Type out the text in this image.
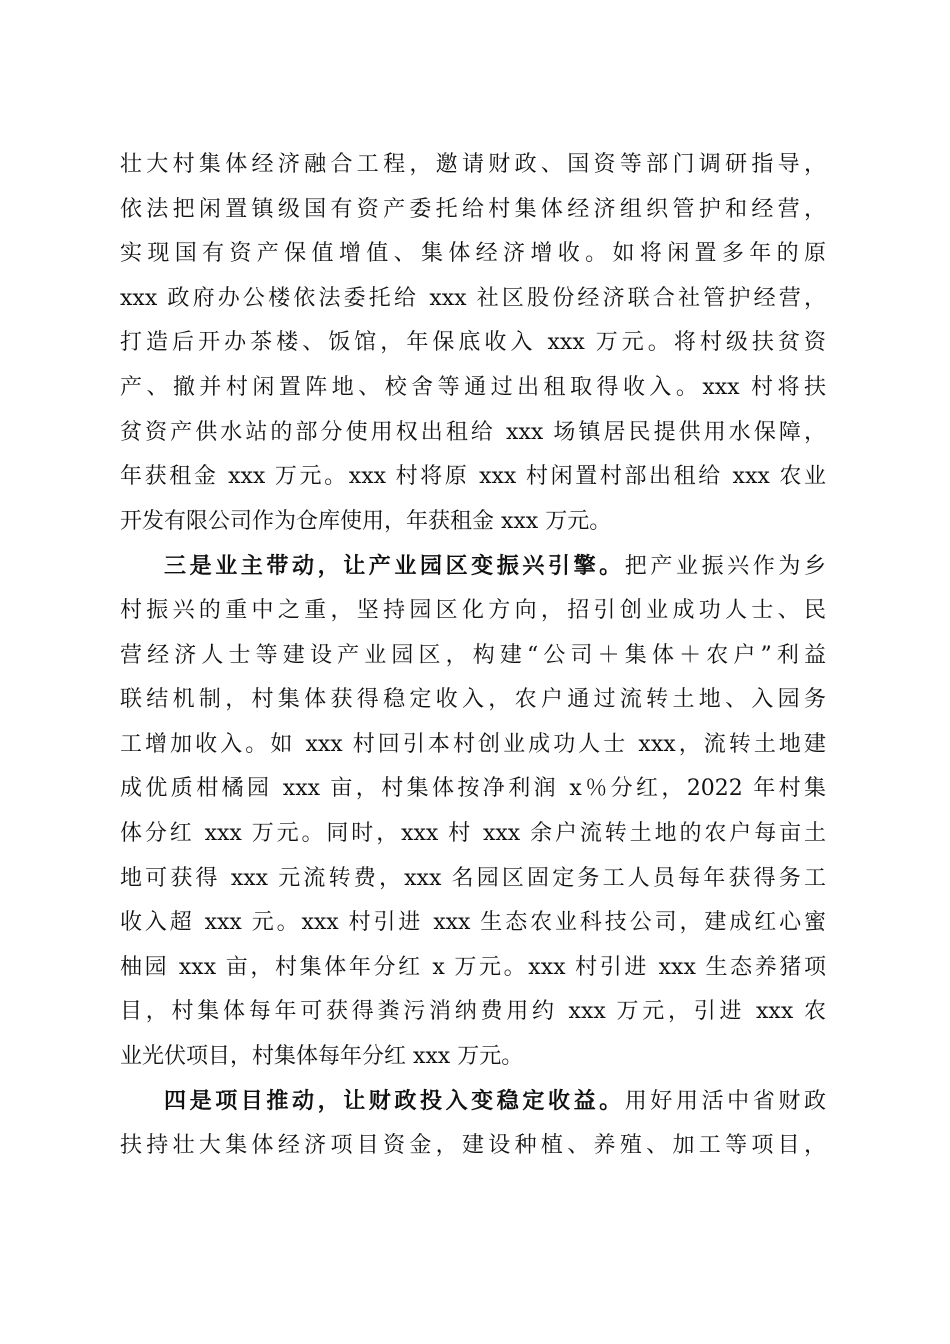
壮大村集体经济融合工程，邀请财政、国资等部门调研指导，
依法把闲置镇级国有资产委托给村集体经济组织管护和经营，
实现国有资产保值增值、集体经济增收。如将闲置多年的原
xxx 政府办公楼依法委托给 xxx 社区股份经济联合社管护经营，
打造后开办茶楼、饭馆，年保底收入 xxx 万元。将村级扶贫资
产、撤并村闲置阵地、校舍等通过出租取得收入。xxx 村将扶
贫资产供水站的部分使用权出租给 xxx 场镇居民提供用水保障，
年获租金 xxx 万元。xxx 村将原 xxx 村闲置村部出租给 xxx 农业
开发有限公司作为仓库使用，年获租金 xxx 万元。
三是业主带动，让产业园区变振兴引擎。把产业振兴作为乡
村振兴的重中之重，坚持园区化方向，招引创业成功人士、民
营经济人士等建设产业园区，构建“公司＋集体＋农户”利益
联结机制，村集体获得稳定收入，农户通过流转土地、入园务
工增加收入。如 xxx 村回引本村创业成功人士 xxx，流转土地建
成优质柑橘园 xxx 亩，村集体按净利润 x％分红，2022 年村集
体分红 xxx 万元。同时，xxx 村 xxx 余户流转土地的农户每亩土
地可获得 xxx 元流转费，xxx 名园区固定务工人员每年获得务工
收入超 xxx 元。xxx 村引进 xxx 生态农业科技公司，建成红心蜜
柚园 xxx 亩，村集体年分红 x 万元。xxx 村引进 xxx 生态养猪项
目，村集体每年可获得粪污消纳费用约 xxx 万元，引进 xxx 农
业光伏项目，村集体每年分红 xxx 万元。
四是项目推动，让财政投入变稳定收益。用好用活中省财政
扶持壮大集体经济项目资金，建设种植、养殖、加工等项目，
